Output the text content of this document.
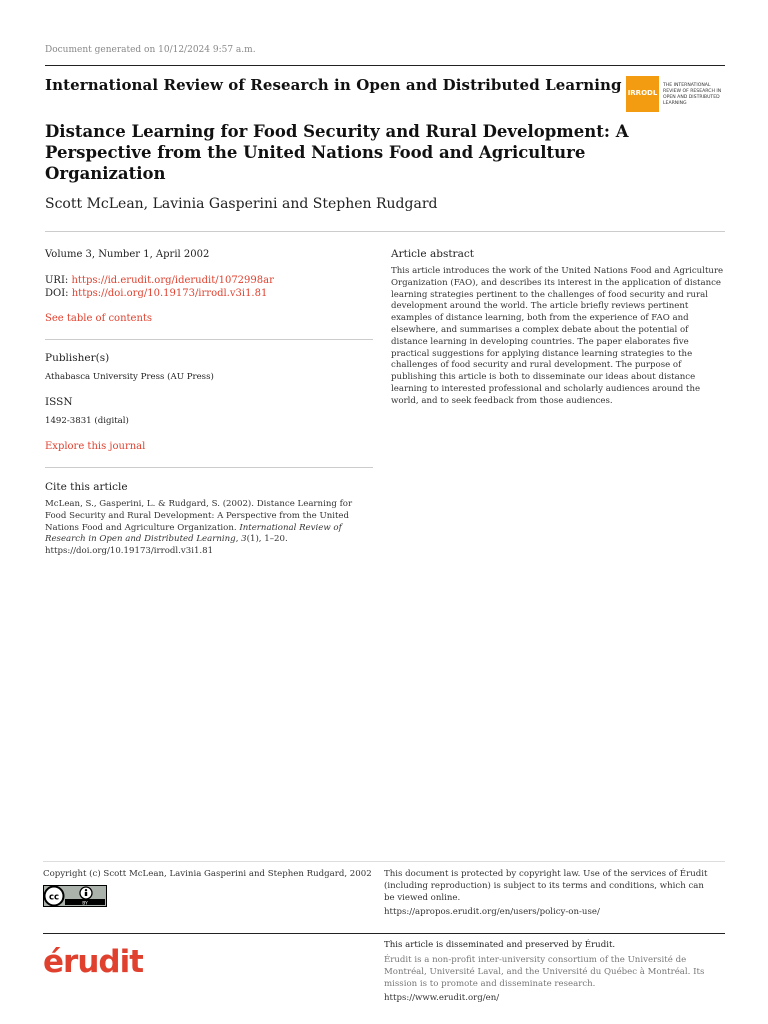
Document generated on 10/12/2024 9:57 a.m.
International Review of Research in Open and Distributed Learning IRRODL
THE INTERNATIONAL REVIEW OF RESEARCH IN OPEN AND DISTRIBUTED LEARNING
Distance Learning for Food Security and Rural Development: A Perspective from the United Nations Food and Agriculture Organization
Scott McLean, Lavinia Gasperini and Stephen Rudgard
Volume 3, Number 1, April 2002
URI: https://id.erudit.org/iderudit/1072998ar
DOI: https://doi.org/10.19173/irrodl.v3i1.81
See table of contents
Publisher(s)
Athabasca University Press (AU Press)
ISSN
1492-3831 (digital)
Explore this journal
Cite this article
McLean, S., Gasperini, L. & Rudgard, S. (2002). Distance Learning for Food Security and Rural Development: A Perspective from the United Nations Food and Agriculture Organization. International Review of Research in Open and Distributed Learning, 3(1), 1–20. https://doi.org/10.19173/irrodl.v3i1.81
Article abstract
This article introduces the work of the United Nations Food and Agriculture Organization (FAO), and describes its interest in the application of distance learning strategies pertinent to the challenges of food security and rural development around the world. The article briefly reviews pertinent examples of distance learning, both from the experience of FAO and elsewhere, and summarises a complex debate about the potential of distance learning in developing countries. The paper elaborates five practical suggestions for applying distance learning strategies to the challenges of food security and rural development. The purpose of publishing this article is both to disseminate our ideas about distance learning to interested professional and scholarly audiences around the world, and to seek feedback from those audiences.
Copyright (c) Scott McLean, Lavinia Gasperini and Stephen Rudgard, 2002
cc
BY
This document is protected by copyright law. Use of the services of Érudit (including reproduction) is subject to its terms and conditions, which can be viewed online.
https://apropos.erudit.org/en/users/policy-on-use/
érudit	This article is disseminated and preserved by Érudit.
Érudit is a non-profit inter-university consortium of the Université de Montréal, Université Laval, and the Université du Québec à Montréal. Its mission is to promote and disseminate research.
https://www.erudit.org/en/
